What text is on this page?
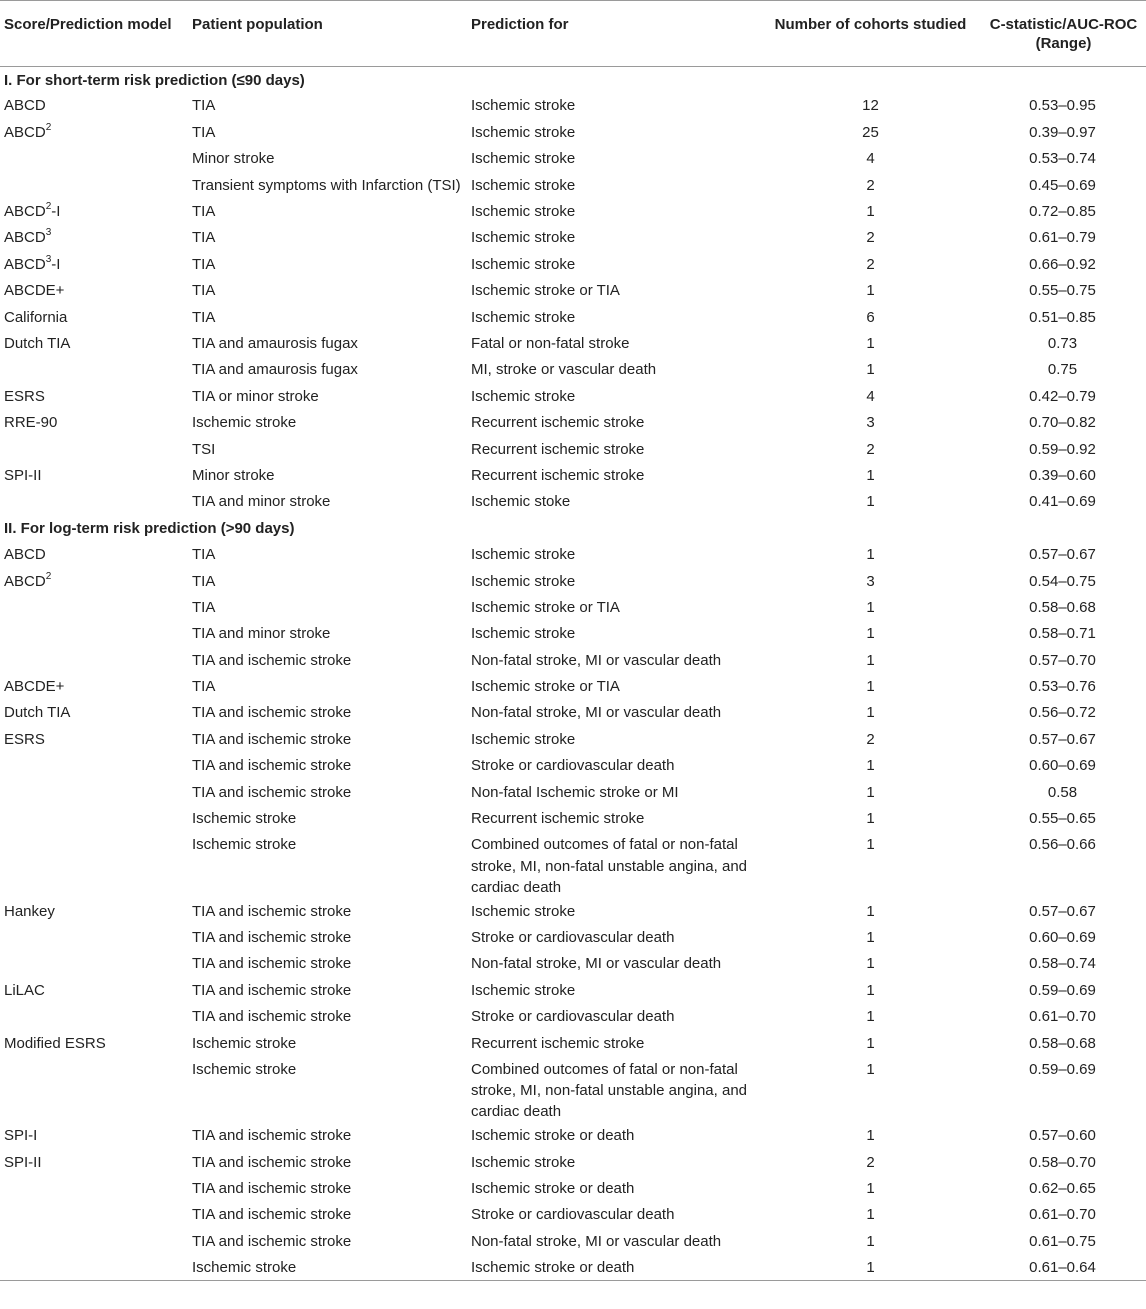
Score/Prediction model	Patient population	Prediction for	Number of cohorts studied	C-statistic/AUC-ROC
(Range)
I. For short-term risk prediction (≤90 days)				
ABCD	TIA	Ischemic stroke	12	0.53–0.95
ABCD$^2$	TIA	Ischemic stroke	25	0.39–0.97
	Minor stroke	Ischemic stroke	4	0.53–0.74
	Transient symptoms with Infarction (TSI)	Ischemic stroke	2	0.45–0.69
ABCD$^2$-I	TIA	Ischemic stroke	1	0.72–0.85
ABCD$^3$	TIA	Ischemic stroke	2	0.61–0.79
ABCD$^3$-I	TIA	Ischemic stroke	2	0.66–0.92
ABCDE+	TIA	Ischemic stroke or TIA	1	0.55–0.75
California	TIA	Ischemic stroke	6	0.51–0.85
Dutch TIA	TIA and amaurosis fugax	Fatal or non-fatal stroke	1	0.73
	TIA and amaurosis fugax	MI, stroke or vascular death	1	0.75
ESRS	TIA or minor stroke	Ischemic stroke	4	0.42–0.79
RRE-90	Ischemic stroke	Recurrent ischemic stroke	3	0.70–0.82
	TSI	Recurrent ischemic stroke	2	0.59–0.92
SPI-II	Minor stroke	Recurrent ischemic stroke	1	0.39–0.60
	TIA and minor stroke	Ischemic stoke	1	0.41–0.69
II. For log-term risk prediction (>90 days)				
ABCD	TIA	Ischemic stroke	1	0.57–0.67
ABCD$^2$	TIA	Ischemic stroke	3	0.54–0.75
	TIA	Ischemic stroke or TIA	1	0.58–0.68
	TIA and minor stroke	Ischemic stroke	1	0.58–0.71
	TIA and ischemic stroke	Non-fatal stroke, MI or vascular death	1	0.57–0.70
ABCDE+	TIA	Ischemic stroke or TIA	1	0.53–0.76
Dutch TIA	TIA and ischemic stroke	Non-fatal stroke, MI or vascular death	1	0.56–0.72
ESRS	TIA and ischemic stroke	Ischemic stroke	2	0.57–0.67
	TIA and ischemic stroke	Stroke or cardiovascular death	1	0.60–0.69
	TIA and ischemic stroke	Non-fatal Ischemic stroke or MI	1	0.58
	Ischemic stroke	Recurrent ischemic stroke	1	0.55–0.65
	Ischemic stroke	Combined outcomes of fatal or non-fatal stroke, MI, non-fatal unstable angina, and cardiac death	1	0.56–0.66
Hankey	TIA and ischemic stroke	Ischemic stroke	1	0.57–0.67
	TIA and ischemic stroke	Stroke or cardiovascular death	1	0.60–0.69
	TIA and ischemic stroke	Non-fatal stroke, MI or vascular death	1	0.58–0.74
LiLAC	TIA and ischemic stroke	Ischemic stroke	1	0.59–0.69
	TIA and ischemic stroke	Stroke or cardiovascular death	1	0.61–0.70
Modified ESRS	Ischemic stroke	Recurrent ischemic stroke	1	0.58–0.68
	Ischemic stroke	Combined outcomes of fatal or non-fatal stroke, MI, non-fatal unstable angina, and cardiac death	1	0.59–0.69
SPI-I	TIA and ischemic stroke	Ischemic stroke or death	1	0.57–0.60
SPI-II	TIA and ischemic stroke	Ischemic stroke	2	0.58–0.70
	TIA and ischemic stroke	Ischemic stroke or death	1	0.62–0.65
	TIA and ischemic stroke	Stroke or cardiovascular death	1	0.61–0.70
	TIA and ischemic stroke	Non-fatal stroke, MI or vascular death	1	0.61–0.75
	Ischemic stroke	Ischemic stroke or death	1	0.61–0.64
